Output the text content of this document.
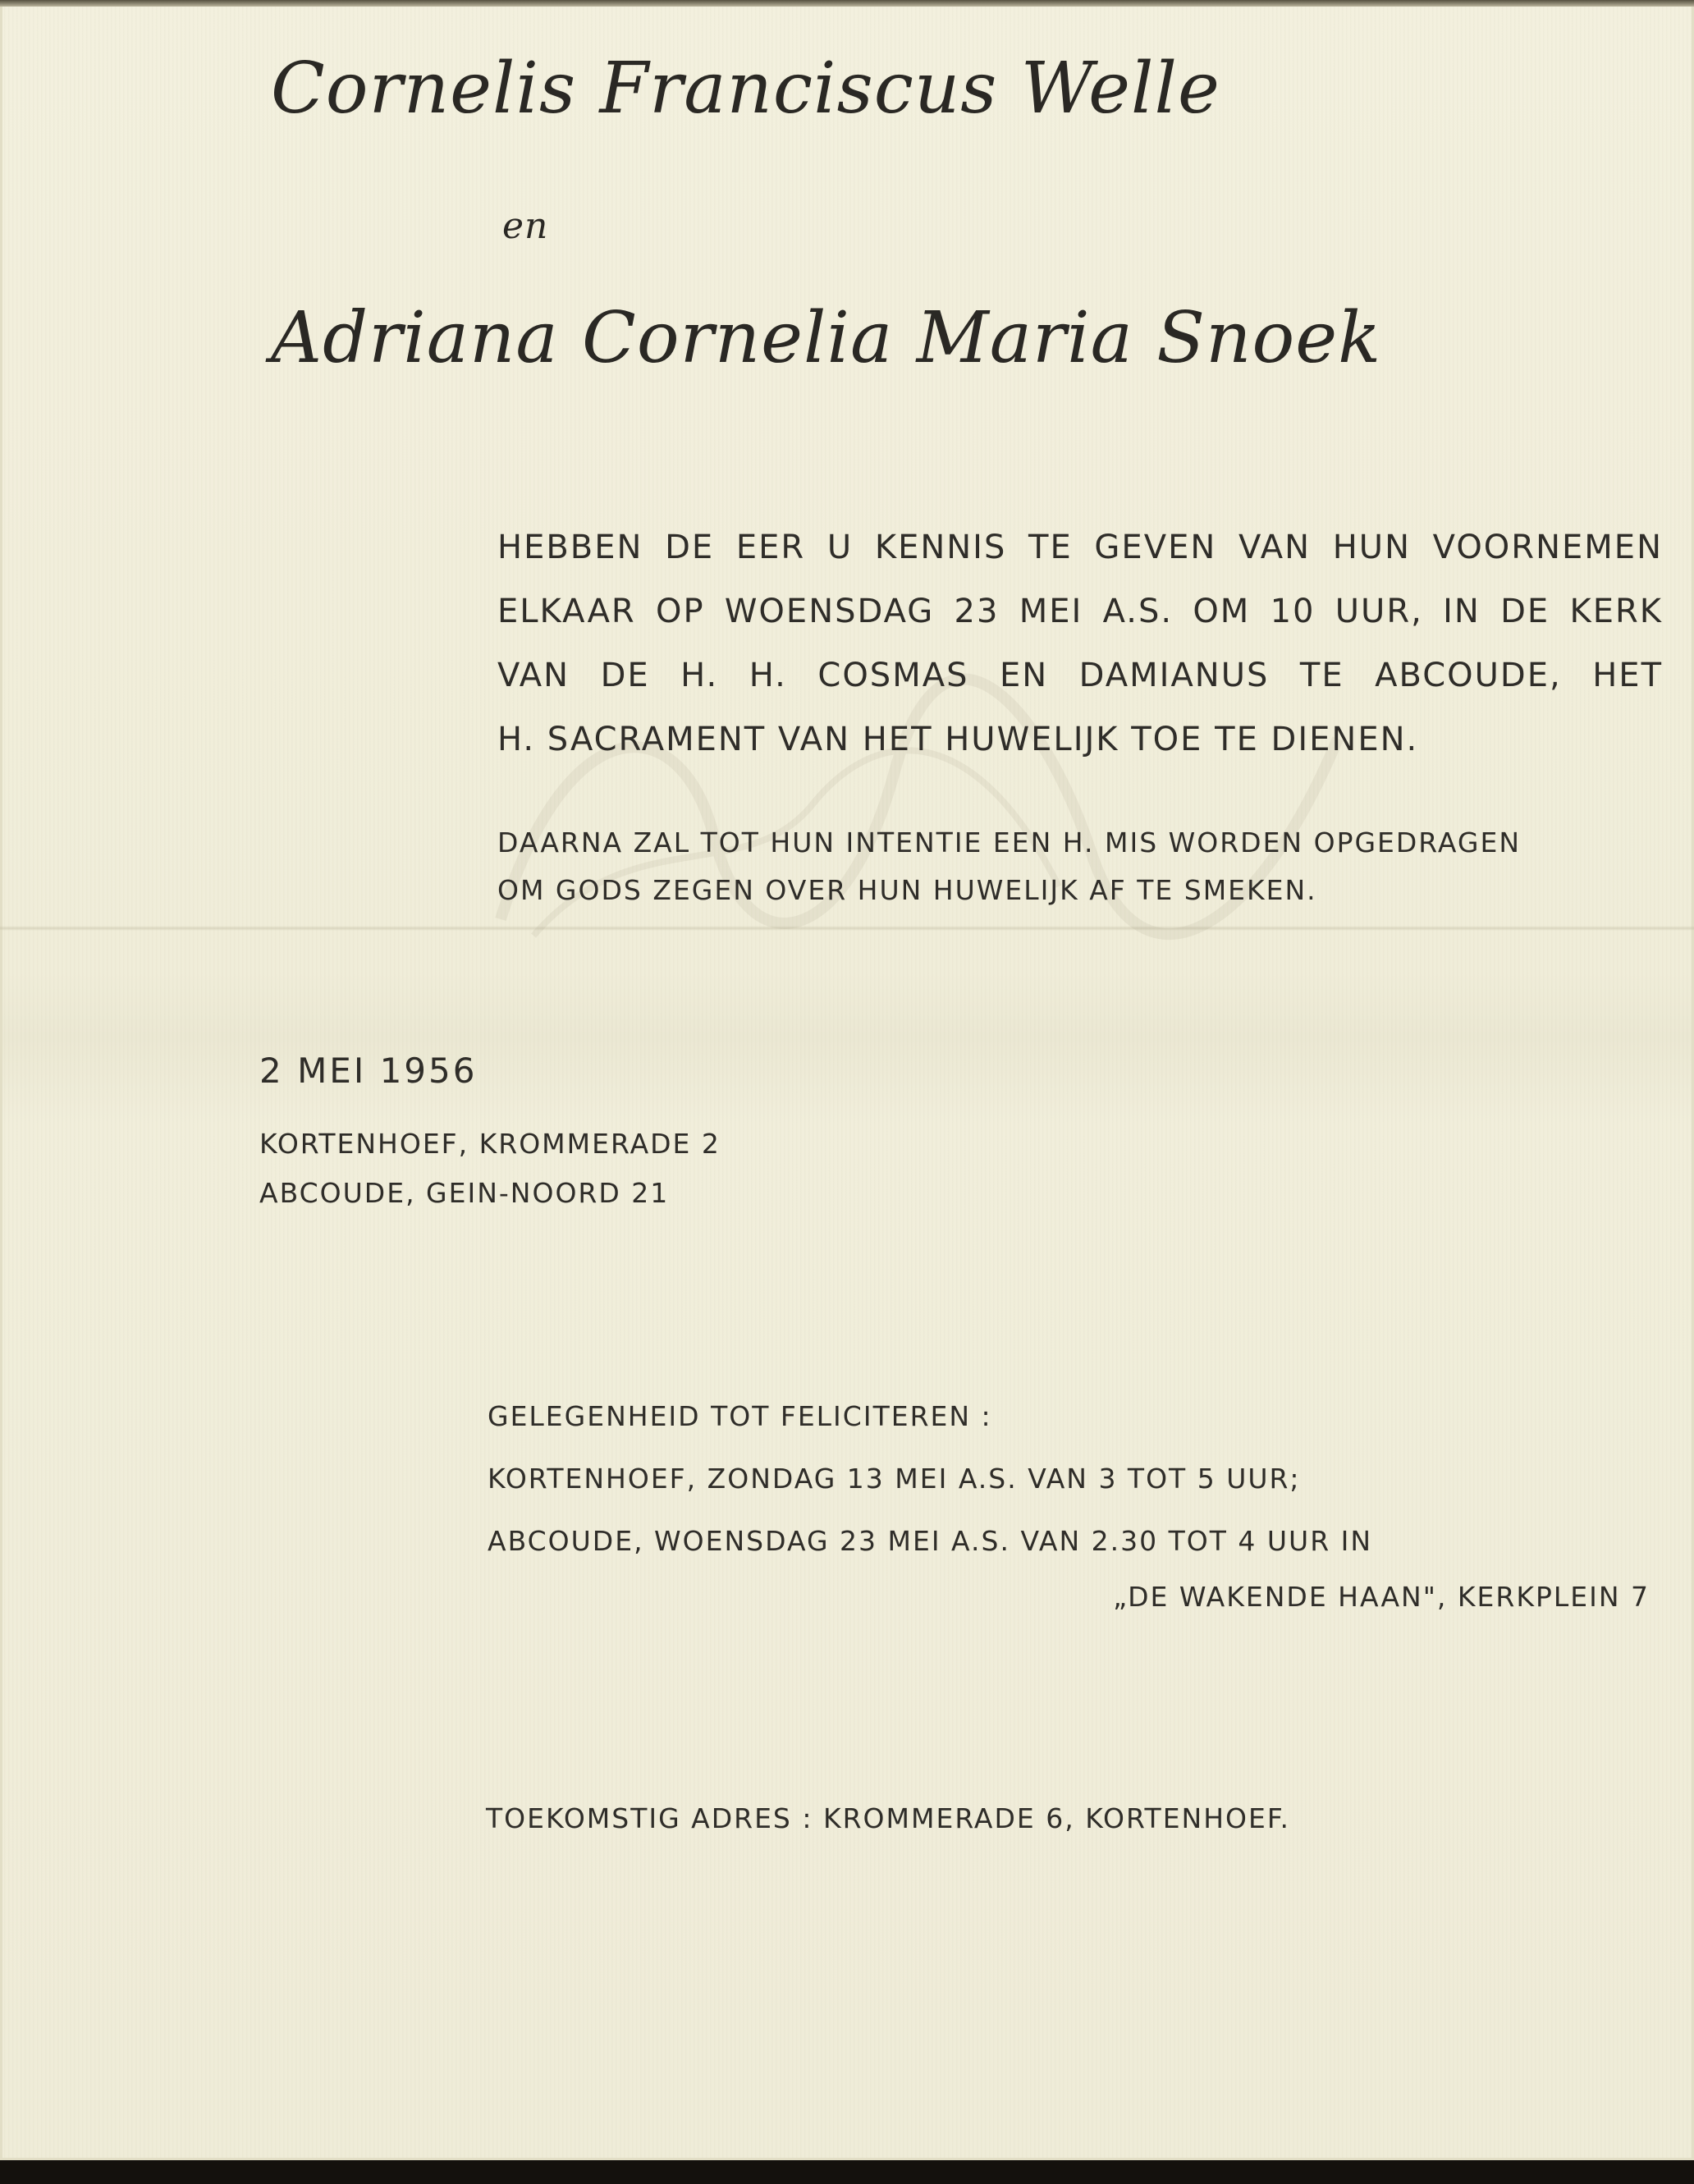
Cornelis Franciscus Welle
en
Adriana Cornelia Maria Snoek
HEBBEN DE EER U KENNIS TE GEVEN VAN HUN VOORNEMEN
ELKAAR OP WOENSDAG 23 MEI A.S. OM 10 UUR, IN DE KERK
VAN DE H. H. COSMAS EN DAMIANUS TE ABCOUDE, HET
H. SACRAMENT VAN HET HUWELIJK TOE TE DIENEN.
DAARNA ZAL TOT HUN INTENTIE EEN H. MIS WORDEN OPGEDRAGEN
OM GODS ZEGEN OVER HUN HUWELIJK AF TE SMEKEN.
2 MEI 1956
KORTENHOEF, KROMMERADE 2
ABCOUDE, GEIN-NOORD 21
GELEGENHEID TOT FELICITEREN :
KORTENHOEF, ZONDAG 13 MEI A.S. VAN 3 TOT 5 UUR;
ABCOUDE, WOENSDAG 23 MEI A.S. VAN 2.30 TOT 4 UUR IN
„DE WAKENDE HAAN", KERKPLEIN 7
TOEKOMSTIG ADRES : KROMMERADE 6, KORTENHOEF.
